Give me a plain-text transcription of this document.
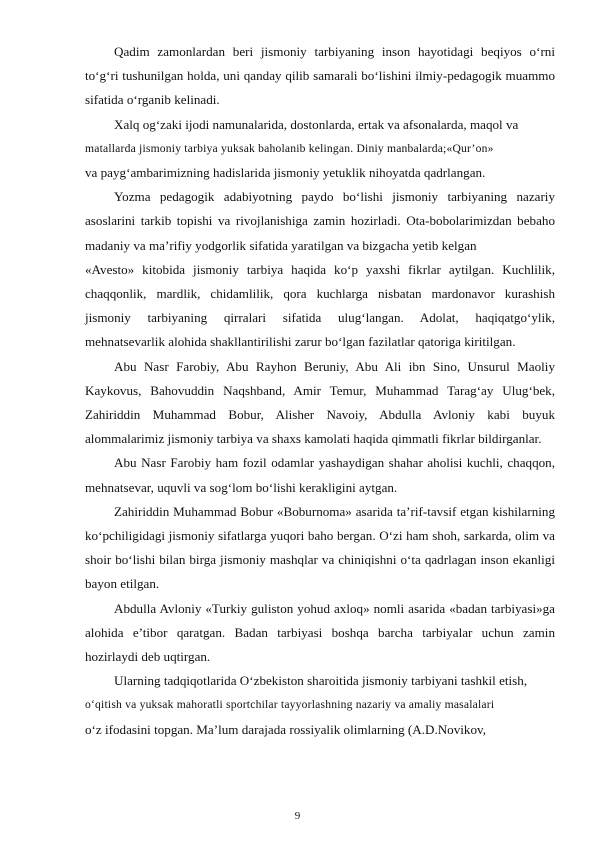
Qadim zamonlardan beri jismoniy tarbiyaning inson hayotidagi beqiyos o‘rni to‘g‘ri tushunilgan holda, uni qanday qilib samarali bo‘lishini ilmiy-pedagogik muammo sifatida o‘rganib kelinadi.

Xalq og‘zaki ijodi namunalarida, dostonlarda, ertak va afsonalarda, maqol va

matallarda jismoniy tarbiya yuksak baholanib kelingan. Diniy manbalarda;«Qur’on»

va payg‘ambarimizning hadislarida jismoniy yetuklik nihoyatda qadrlangan.

Yozma pedagogik adabiyotning paydo bo‘lishi jismoniy tarbiyaning nazariy asoslarini tarkib topishi va rivojlanishiga zamin hozirladi. Ota-bobolarimizdan bebaho madaniy va ma’rifiy yodgorlik sifatida yaratilgan va bizgacha yetib kelgan

«Avesto» kitobida jismoniy tarbiya haqida ko‘p yaxshi fikrlar aytilgan. Kuchlilik, chaqqonlik, mardlik, chidamlilik, qora kuchlarga nisbatan mardonavor kurashish jismoniy tarbiyaning qirralari sifatida ulug‘langan. Adolat, haqiqatgo‘ylik, mehnatsevarlik alohida shakllantirilishi zarur bo‘lgan fazilatlar qatoriga kiritilgan.

Abu Nasr Farobiy, Abu Rayhon Beruniy, Abu Ali ibn Sino, Unsurul Maoliy Kaykovus, Bahovuddin Naqshband, Amir Temur, Muhammad Tarag‘ay Ulug‘bek, Zahiriddin Muhammad Bobur, Alisher Navoiy, Abdulla Avloniy kabi buyuk alommalarimiz jismoniy tarbiya va shaxs kamolati haqida qimmatli fikrlar bildirganlar.

Abu Nasr Farobiy ham fozil odamlar yashaydigan shahar aholisi kuchli, chaqqon, mehnatsevar, uquvli va sog‘lom bo‘lishi kerakligini aytgan.

Zahiriddin Muhammad Bobur «Boburnoma» asarida ta’rif-tavsif etgan kishilarning ko‘pchiligidagi jismoniy sifatlarga yuqori baho bergan. O‘zi ham shoh, sarkarda, olim va shoir bo‘lishi bilan birga jismoniy mashqlar va chiniqishni o‘ta qadrlagan inson ekanligi bayon etilgan.

Abdulla Avloniy «Turkiy guliston yohud axloq» nomli asarida «badan tarbiyasi»ga alohida e’tibor qaratgan. Badan tarbiyasi boshqa barcha tarbiyalar uchun zamin hozirlaydi deb uqtirgan.

Ularning tadqiqotlarida O‘zbekiston sharoitida jismoniy tarbiyani tashkil etish,

o‘qitish va yuksak mahoratli sportchilar tayyorlashning nazariy va amaliy masalalari

o‘z ifodasini topgan. Ma’lum darajada rossiyalik olimlarning (A.D.Novikov,

9
